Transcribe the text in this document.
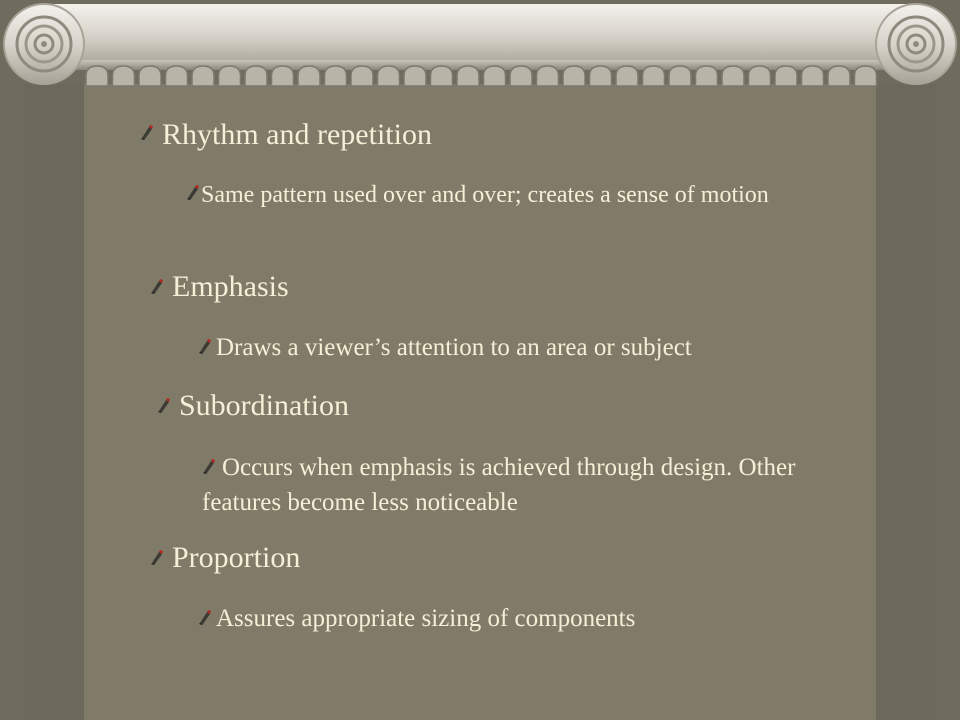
Rhythm and repetition
Same pattern used over and over; creates a sense of motion
Emphasis
Draws a viewer’s attention to an area or subject
Subordination
Occurs when emphasis is achieved through design. Other features become less noticeable
Proportion
Assures appropriate sizing of components
